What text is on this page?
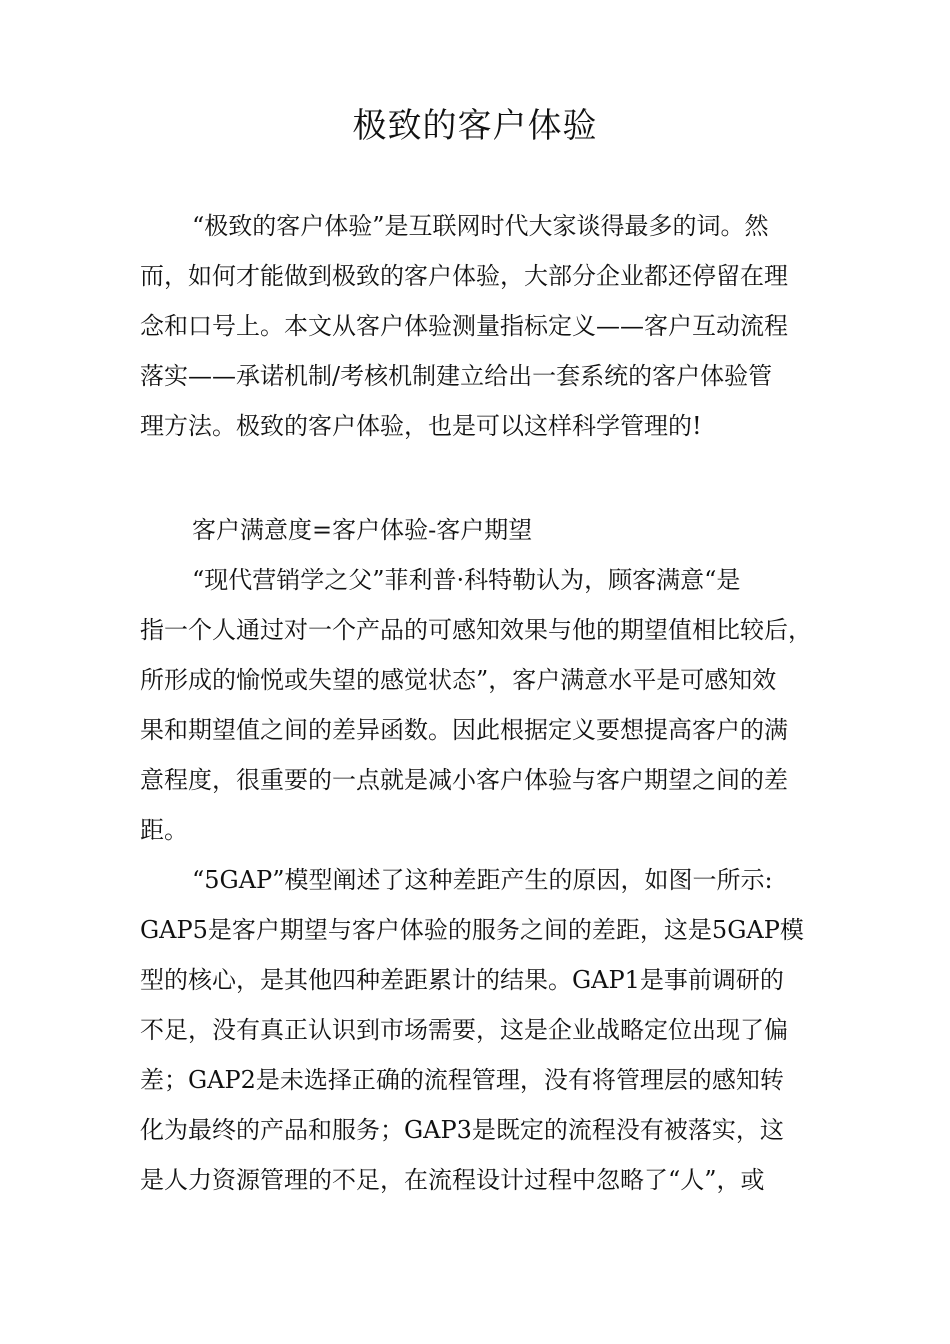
极致的客户体验
“极致的客户体验”是互联网时代大家谈得最多的词。然
而，如何才能做到极致的客户体验，大部分企业都还停留在理
念和口号上。本文从客户体验测量指标定义——客户互动流程
落实——承诺机制/考核机制建立给出一套系统的客户体验管
理方法。极致的客户体验，也是可以这样科学管理的!
客户满意度=客户体验-客户期望
“现代营销学之父”菲利普·科特勒认为，顾客满意“是
指一个人通过对一个产品的可感知效果与他的期望值相比较后，
所形成的愉悦或失望的感觉状态”，客户满意水平是可感知效
果和期望值之间的差异函数。因此根据定义要想提高客户的满
意程度，很重要的一点就是减小客户体验与客户期望之间的差
距。
“5GAP”模型阐述了这种差距产生的原因，如图一所示:
GAP5是客户期望与客户体验的服务之间的差距，这是5GAP模
型的核心，是其他四种差距累计的结果。GAP1是事前调研的
不足，没有真正认识到市场需要，这是企业战略定位出现了偏
差；GAP2是未选择正确的流程管理，没有将管理层的感知转
化为最终的产品和服务；GAP3是既定的流程没有被落实，这
是人力资源管理的不足，在流程设计过程中忽略了“人”，或
